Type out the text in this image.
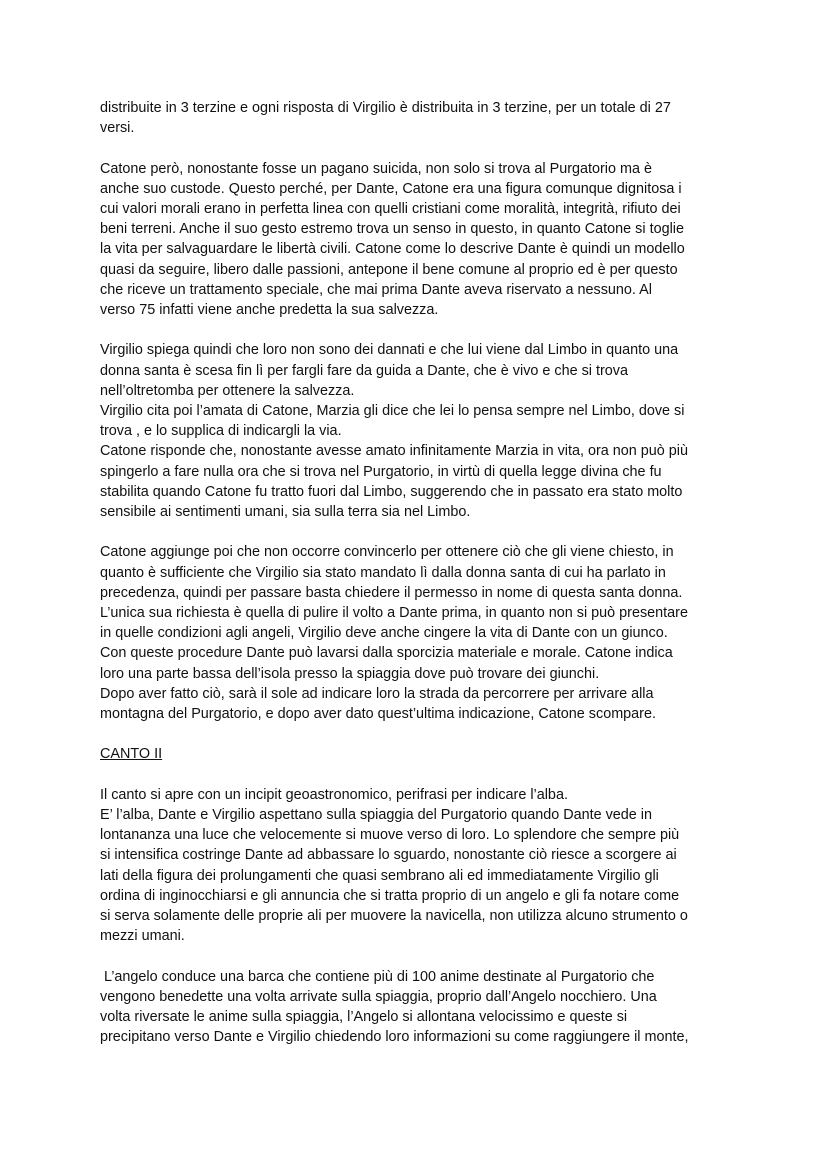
distribuite in 3 terzine e ogni risposta di Virgilio è distribuita in 3 terzine, per un totale di 27

versi.

Catone però, nonostante fosse un pagano suicida, non solo si trova al Purgatorio ma è

anche suo custode. Questo perché, per Dante, Catone era una figura comunque dignitosa i

cui valori morali erano in perfetta linea con quelli cristiani come moralità, integrità, rifiuto dei

beni terreni. Anche il suo gesto estremo trova un senso in questo, in quanto Catone si toglie

la vita per salvaguardare le libertà civili. Catone come lo descrive Dante è quindi un modello

quasi da seguire, libero dalle passioni, antepone il bene comune al proprio ed è per questo

che riceve un trattamento speciale, che mai prima Dante aveva riservato a nessuno. Al

verso 75 infatti viene anche predetta la sua salvezza.

Virgilio spiega quindi che loro non sono dei dannati e che lui viene dal Limbo in quanto una

donna santa è scesa fin lì per fargli fare da guida a Dante, che è vivo e che si trova

nell’oltretomba per ottenere la salvezza.

Virgilio cita poi l’amata di Catone, Marzia gli dice che lei lo pensa sempre nel Limbo, dove si

trova , e lo supplica di indicargli la via.

Catone risponde che, nonostante avesse amato infinitamente Marzia in vita, ora non può più

spingerlo a fare nulla ora che si trova nel Purgatorio, in virtù di quella legge divina che fu

stabilita quando Catone fu tratto fuori dal Limbo, suggerendo che in passato era stato molto

sensibile ai sentimenti umani, sia sulla terra sia nel Limbo.

Catone aggiunge poi che non occorre convincerlo per ottenere ciò che gli viene chiesto, in

quanto è sufficiente che Virgilio sia stato mandato lì dalla donna santa di cui ha parlato in

precedenza, quindi per passare basta chiedere il permesso in nome di questa santa donna.

L’unica sua richiesta è quella di pulire il volto a Dante prima, in quanto non si può presentare

in quelle condizioni agli angeli, Virgilio deve anche cingere la vita di Dante con un giunco.

Con queste procedure Dante può lavarsi dalla sporcizia materiale e morale. Catone indica

loro una parte bassa dell’isola presso la spiaggia dove può trovare dei giunchi.

Dopo aver fatto ciò, sarà il sole ad indicare loro la strada da percorrere per arrivare alla

montagna del Purgatorio, e dopo aver dato quest’ultima indicazione, Catone scompare.

CANTO II

Il canto si apre con un incipit geoastronomico, perifrasi per indicare l’alba.

E’ l’alba, Dante e Virgilio aspettano sulla spiaggia del Purgatorio quando Dante vede in

lontananza una luce che velocemente si muove verso di loro. Lo splendore che sempre più

si intensifica costringe Dante ad abbassare lo sguardo, nonostante ciò riesce a scorgere ai

lati della figura dei prolungamenti che quasi sembrano ali ed immediatamente Virgilio gli

ordina di inginocchiarsi e gli annuncia che si tratta proprio di un angelo e gli fa notare come

si serva solamente delle proprie ali per muovere la navicella, non utilizza alcuno strumento o

mezzi umani.

L’angelo conduce una barca che contiene più di 100 anime destinate al Purgatorio che

vengono benedette una volta arrivate sulla spiaggia, proprio dall’Angelo nocchiero. Una

volta riversate le anime sulla spiaggia, l’Angelo si allontana velocissimo e queste si

precipitano verso Dante e Virgilio chiedendo loro informazioni su come raggiungere il monte,
